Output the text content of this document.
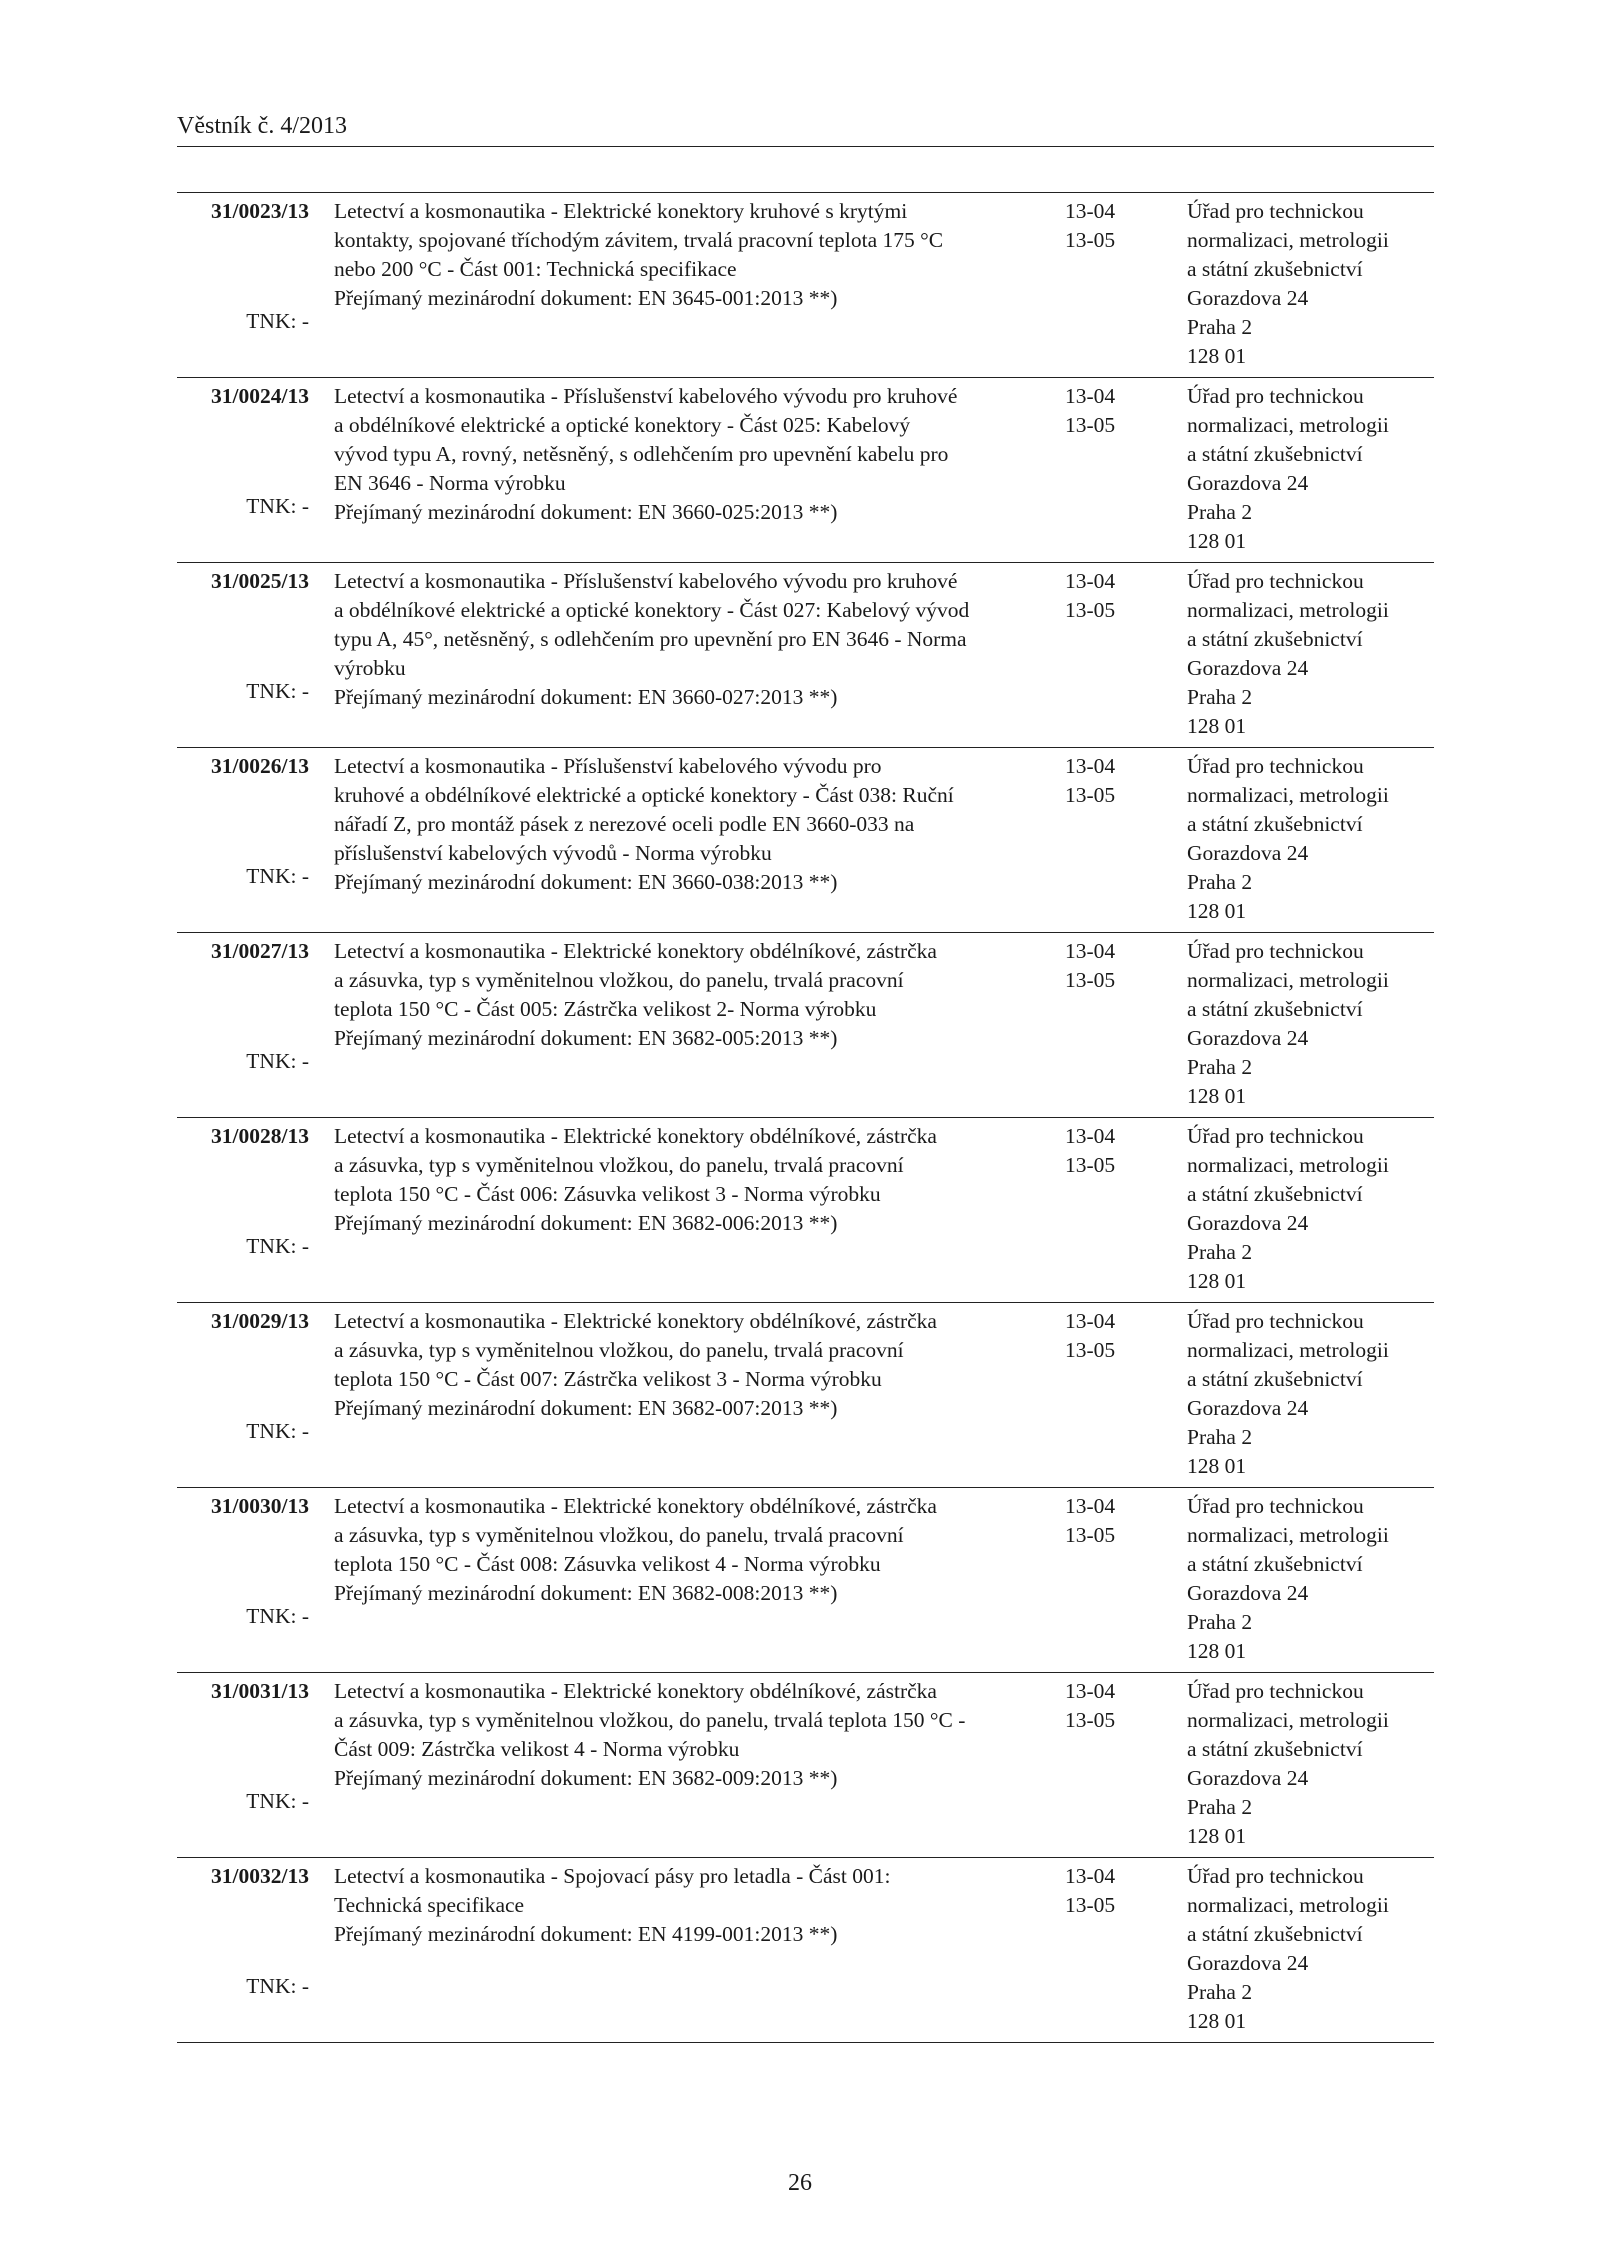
Věstník č. 4/2013
31/0023/13
TNK: -
Letectví a kosmonautika - Elektrické konektory kruhové s krytými
kontakty, spojované tříchodým závitem, trvalá pracovní teplota 175 °C
nebo 200 °C - Část 001: Technická specifikace
Přejímaný mezinárodní dokument: EN 3645-001:2013 **)
13-04
13-05
Úřad pro technickou
normalizaci, metrologii
a státní zkušebnictví
Gorazdova 24
Praha 2
128 01
31/0024/13
TNK: -
Letectví a kosmonautika - Příslušenství kabelového vývodu pro kruhové
a obdélníkové elektrické a optické konektory - Část 025: Kabelový
vývod typu A, rovný, netěsněný, s odlehčením pro upevnění kabelu pro
EN 3646 - Norma výrobku
Přejímaný mezinárodní dokument: EN 3660-025:2013 **)
13-04
13-05
Úřad pro technickou
normalizaci, metrologii
a státní zkušebnictví
Gorazdova 24
Praha 2
128 01
31/0025/13
TNK: -
Letectví a kosmonautika - Příslušenství kabelového vývodu pro kruhové
a obdélníkové elektrické a optické konektory - Část 027: Kabelový vývod
typu A, 45°, netěsněný, s odlehčením pro upevnění pro EN 3646 - Norma
výrobku
Přejímaný mezinárodní dokument: EN 3660-027:2013 **)
13-04
13-05
Úřad pro technickou
normalizaci, metrologii
a státní zkušebnictví
Gorazdova 24
Praha 2
128 01
31/0026/13
TNK: -
Letectví a kosmonautika - Příslušenství kabelového vývodu pro
kruhové a obdélníkové elektrické a optické konektory - Část 038: Ruční
nářadí Z, pro montáž pásek z nerezové oceli podle EN 3660-033 na
příslušenství kabelových vývodů - Norma výrobku
Přejímaný mezinárodní dokument: EN 3660-038:2013 **)
13-04
13-05
Úřad pro technickou
normalizaci, metrologii
a státní zkušebnictví
Gorazdova 24
Praha 2
128 01
31/0027/13
TNK: -
Letectví a kosmonautika - Elektrické konektory obdélníkové, zástrčka
a zásuvka, typ s vyměnitelnou vložkou, do panelu, trvalá pracovní
teplota 150 °C - Část 005: Zástrčka velikost 2- Norma výrobku
Přejímaný mezinárodní dokument: EN 3682-005:2013 **)
13-04
13-05
Úřad pro technickou
normalizaci, metrologii
a státní zkušebnictví
Gorazdova 24
Praha 2
128 01
31/0028/13
TNK: -
Letectví a kosmonautika - Elektrické konektory obdélníkové, zástrčka
a zásuvka, typ s vyměnitelnou vložkou, do panelu, trvalá pracovní
teplota 150 °C - Část 006: Zásuvka velikost 3 - Norma výrobku
Přejímaný mezinárodní dokument: EN 3682-006:2013 **)
13-04
13-05
Úřad pro technickou
normalizaci, metrologii
a státní zkušebnictví
Gorazdova 24
Praha 2
128 01
31/0029/13
TNK: -
Letectví a kosmonautika - Elektrické konektory obdélníkové, zástrčka
a zásuvka, typ s vyměnitelnou vložkou, do panelu, trvalá pracovní
teplota 150 °C - Část 007: Zástrčka velikost 3 - Norma výrobku
Přejímaný mezinárodní dokument: EN 3682-007:2013 **)
13-04
13-05
Úřad pro technickou
normalizaci, metrologii
a státní zkušebnictví
Gorazdova 24
Praha 2
128 01
31/0030/13
TNK: -
Letectví a kosmonautika - Elektrické konektory obdélníkové, zástrčka
a zásuvka, typ s vyměnitelnou vložkou, do panelu, trvalá pracovní
teplota 150 °C - Část 008: Zásuvka velikost 4 - Norma výrobku
Přejímaný mezinárodní dokument: EN 3682-008:2013 **)
13-04
13-05
Úřad pro technickou
normalizaci, metrologii
a státní zkušebnictví
Gorazdova 24
Praha 2
128 01
31/0031/13
TNK: -
Letectví a kosmonautika - Elektrické konektory obdélníkové, zástrčka
a zásuvka, typ s vyměnitelnou vložkou, do panelu, trvalá teplota 150 °C -
Část 009: Zástrčka velikost 4 - Norma výrobku
Přejímaný mezinárodní dokument: EN 3682-009:2013 **)
13-04
13-05
Úřad pro technickou
normalizaci, metrologii
a státní zkušebnictví
Gorazdova 24
Praha 2
128 01
31/0032/13
TNK: -
Letectví a kosmonautika - Spojovací pásy pro letadla - Část 001:
Technická specifikace
Přejímaný mezinárodní dokument: EN 4199-001:2013 **)
13-04
13-05
Úřad pro technickou
normalizaci, metrologii
a státní zkušebnictví
Gorazdova 24
Praha 2
128 01
26
